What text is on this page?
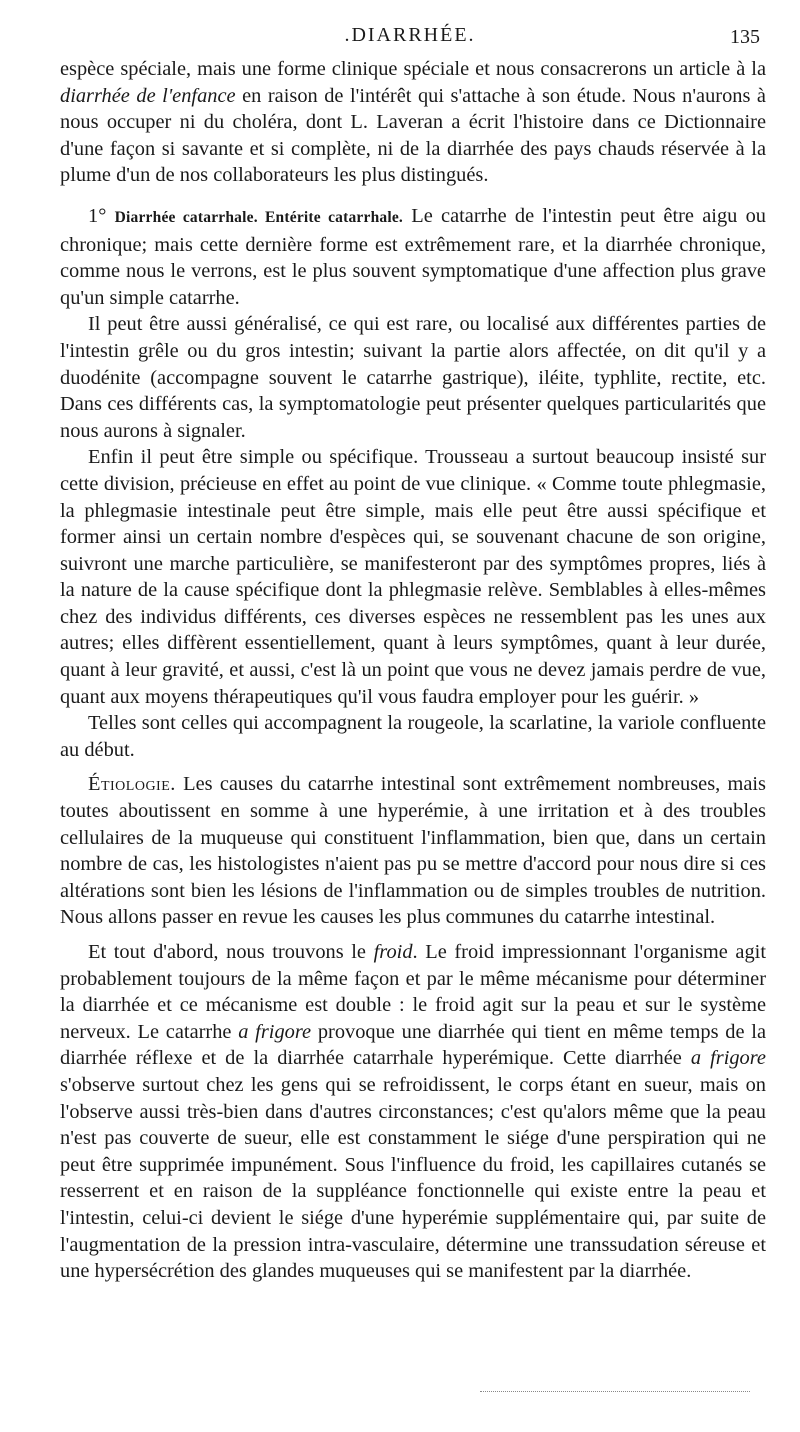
.DIARRHÉE.	135

espèce spéciale, mais une forme clinique spéciale et nous consacrerons un article à la diarrhée de l'enfance en raison de l'intérêt qui s'attache à son étude. Nous n'aurons à nous occuper ni du choléra, dont L. Laveran a écrit l'histoire dans ce Dictionnaire d'une façon si savante et si complète, ni de la diarrhée des pays chauds réservée à la plume d'un de nos collaborateurs les plus distingués.

1° Diarrhée catarrhale. Entérite catarrhale. Le catarrhe de l'intestin peut être aigu ou chronique; mais cette dernière forme est extrêmement rare, et la diarrhée chronique, comme nous le verrons, est le plus souvent symptomatique d'une affection plus grave qu'un simple catarrhe.

Il peut être aussi généralisé, ce qui est rare, ou localisé aux différentes parties de l'intestin grêle ou du gros intestin; suivant la partie alors affectée, on dit qu'il y a duodénite (accompagne souvent le catarrhe gastrique), iléite, typhlite, rectite, etc. Dans ces différents cas, la symptomatologie peut présenter quelques particularités que nous aurons à signaler.

Enfin il peut être simple ou spécifique. Trousseau a surtout beaucoup insisté sur cette division, précieuse en effet au point de vue clinique. « Comme toute phlegmasie, la phlegmasie intestinale peut être simple, mais elle peut être aussi spécifique et former ainsi un certain nombre d'espèces qui, se souvenant chacune de son origine, suivront une marche particulière, se manifesteront par des symptômes propres, liés à la nature de la cause spécifique dont la phlegmasie relève. Semblables à elles-mêmes chez des individus différents, ces diverses espèces ne ressemblent pas les unes aux autres; elles diffèrent essentiellement, quant à leurs symptômes, quant à leur durée, quant à leur gravité, et aussi, c'est là un point que vous ne devez jamais perdre de vue, quant aux moyens thérapeutiques qu'il vous faudra employer pour les guérir. »

Telles sont celles qui accompagnent la rougeole, la scarlatine, la variole confluente au début.

Étiologie. Les causes du catarrhe intestinal sont extrêmement nombreuses, mais toutes aboutissent en somme à une hyperémie, à une irritation et à des troubles cellulaires de la muqueuse qui constituent l'inflammation, bien que, dans un certain nombre de cas, les histologistes n'aient pas pu se mettre d'accord pour nous dire si ces altérations sont bien les lésions de l'inflammation ou de simples troubles de nutrition. Nous allons passer en revue les causes les plus communes du catarrhe intestinal.

Et tout d'abord, nous trouvons le froid. Le froid impressionnant l'organisme agit probablement toujours de la même façon et par le même mécanisme pour déterminer la diarrhée et ce mécanisme est double : le froid agit sur la peau et sur le système nerveux. Le catarrhe a frigore provoque une diarrhée qui tient en même temps de la diarrhée réflexe et de la diarrhée catarrhale hyperémique. Cette diarrhée a frigore s'observe surtout chez les gens qui se refroidissent, le corps étant en sueur, mais on l'observe aussi très-bien dans d'autres circonstances; c'est qu'alors même que la peau n'est pas couverte de sueur, elle est constamment le siége d'une perspiration qui ne peut être supprimée impunément. Sous l'influence du froid, les capillaires cutanés se resserrent et en raison de la suppléance fonctionnelle qui existe entre la peau et l'intestin, celui-ci devient le siége d'une hyperémie supplémentaire qui, par suite de l'augmentation de la pression intra-vasculaire, détermine une transsudation séreuse et une hypersécrétion des glandes muqueuses qui se manifestent par la diarrhée.
